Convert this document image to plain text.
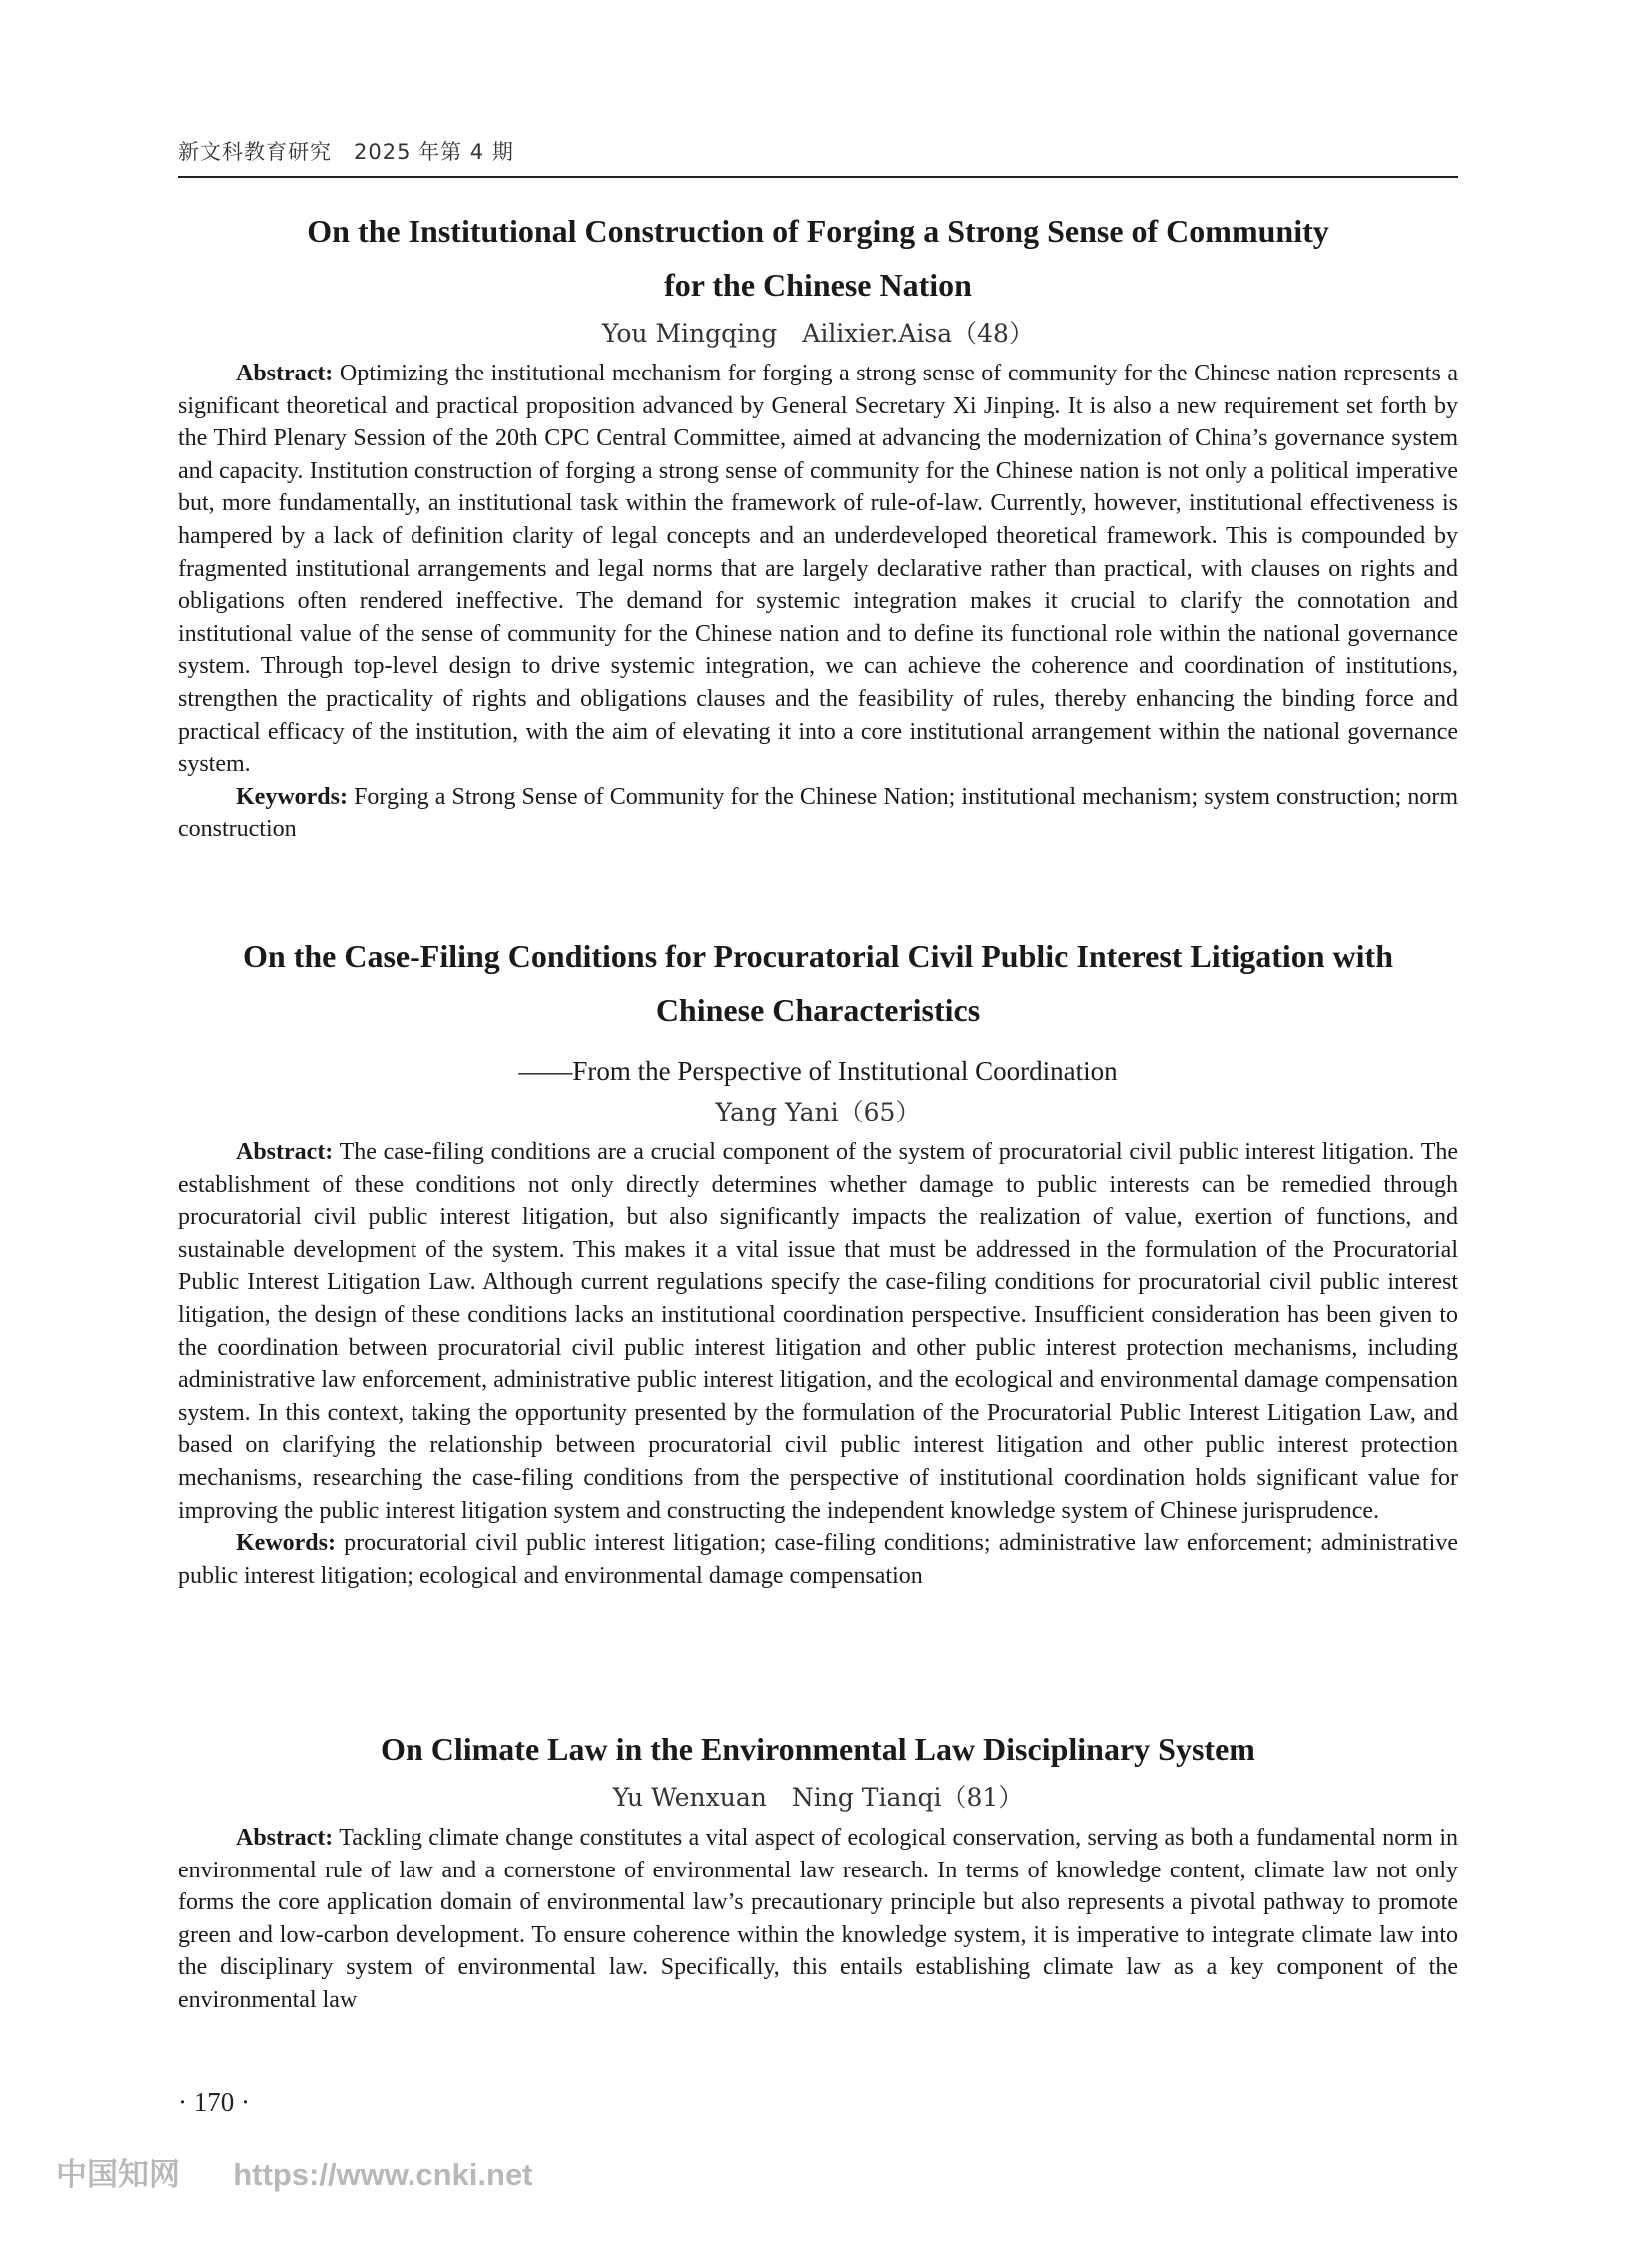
新文科教育研究　2025 年第 4 期
On the Institutional Construction of Forging a Strong Sense of Community for the Chinese Nation
You Mingqing　Ailixier.Aisa（48）

Abstract: Optimizing the institutional mechanism for forging a strong sense of community for the Chinese nation represents a significant theoretical and practical proposition advanced by General Secretary Xi Jinping. It is also a new requirement set forth by the Third Plenary Session of the 20th CPC Central Committee, aimed at advancing the modernization of China’s governance system and capacity. Institution construction of forging a strong sense of community for the Chinese nation is not only a political imperative but, more fundamentally, an institutional task within the framework of rule-of-law. Currently, however, institutional effectiveness is hampered by a lack of definition clarity of legal concepts and an underdeveloped theoretical framework. This is compounded by fragmented institutional arrangements and legal norms that are largely declarative rather than practical, with clauses on rights and obligations often rendered ineffective. The demand for systemic integration makes it crucial to clarify the connotation and institutional value of the sense of community for the Chinese nation and to define its functional role within the national governance system. Through top-level design to drive systemic integration, we can achieve the coherence and coordination of institutions, strengthen the practicality of rights and obligations clauses and the feasibility of rules, thereby enhancing the binding force and practical efficacy of the institution, with the aim of elevating it into a core institutional arrangement within the national governance system.

Keywords: Forging a Strong Sense of Community for the Chinese Nation; institutional mechanism; system construction; norm construction

On the Case-Filing Conditions for Procuratorial Civil Public Interest Litigation with Chinese Characteristics
——From the Perspective of Institutional Coordination
Yang Yani（65）

Abstract: The case-filing conditions are a crucial component of the system of procuratorial civil public interest litigation. The establishment of these conditions not only directly determines whether damage to public interests can be remedied through procuratorial civil public interest litigation, but also significantly impacts the realization of value, exertion of functions, and sustainable development of the system. This makes it a vital issue that must be addressed in the formulation of the Procuratorial Public Interest Litigation Law. Although current regulations specify the case-filing conditions for procuratorial civil public interest litigation, the design of these conditions lacks an institutional coordination perspective. Insufficient consideration has been given to the coordination between procuratorial civil public interest litigation and other public interest protection mechanisms, including administrative law enforcement, administrative public interest litigation, and the ecological and environmental damage compensation system. In this context, taking the opportunity presented by the formulation of the Procuratorial Public Interest Litigation Law, and based on clarifying the relationship between procuratorial civil public interest litigation and other public interest protection mechanisms, researching the case-filing conditions from the perspective of institutional coordination holds significant value for improving the public interest litigation system and constructing the independent knowledge system of Chinese jurisprudence.

Kewords: procuratorial civil public interest litigation; case-filing conditions; administrative law enforcement; administrative public interest litigation; ecological and environmental damage compensation

On Climate Law in the Environmental Law Disciplinary System
Yu Wenxuan　Ning Tianqi（81）

Abstract: Tackling climate change constitutes a vital aspect of ecological conservation, serving as both a fundamental norm in environmental rule of law and a cornerstone of environmental law research. In terms of knowledge content, climate law not only forms the core application domain of environmental law’s precautionary principle but also represents a pivotal pathway to promote green and low-carbon development. To ensure coherence within the knowledge system, it is imperative to integrate climate law into the disciplinary system of environmental law. Specifically, this entails establishing climate law as a key component of the environmental law

· 170 ·
中国知网 https://www.cnki.net
